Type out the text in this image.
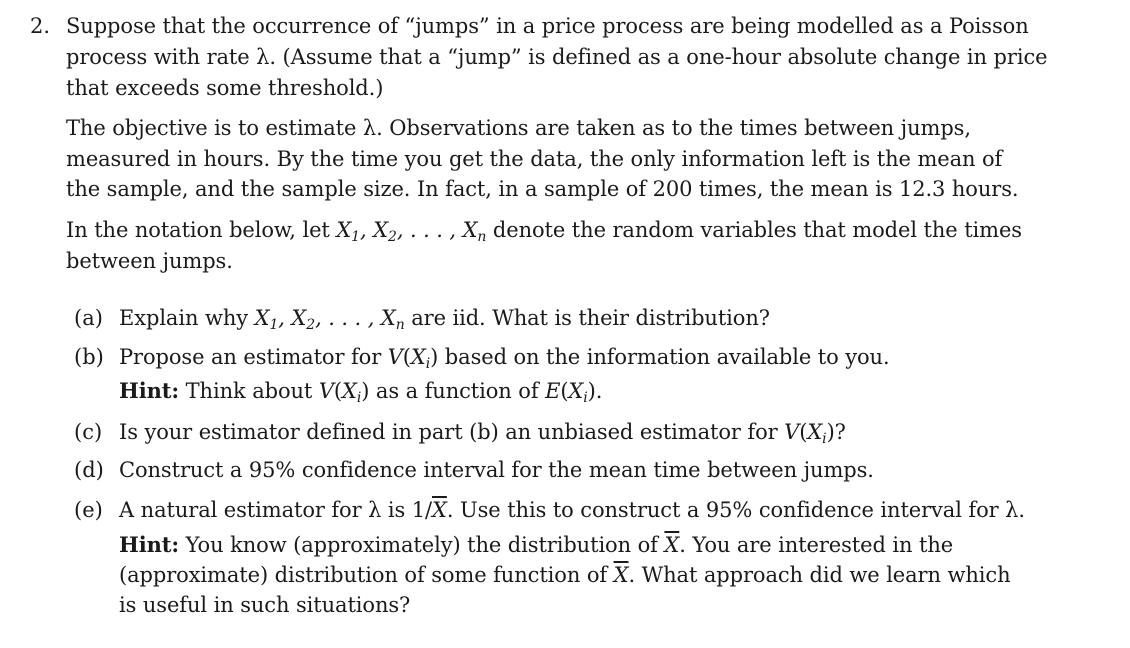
2. Suppose that the occurrence of “jumps” in a price process are being modelled as a Poisson
process with rate λ. (Assume that a “jump” is defined as a one-hour absolute change in price
that exceeds some threshold.)
The objective is to estimate λ. Observations are taken as to the times between jumps,
measured in hours. By the time you get the data, the only information left is the mean of
the sample, and the sample size. In fact, in a sample of 200 times, the mean is 12.3 hours.
In the notation below, let $X_1$, $X_2$, . . . , $X_n$ denote the random variables that model the times
between jumps.
(a) Explain why $X_1$, $X_2$, . . . , $X_n$ are iid. What is their distribution?
(b) Propose an estimator for $V(X_i)$ based on the information available to you.
Hint: Think about $V(X_i)$ as a function of $E(X_i)$.
(c) Is your estimator defined in part (b) an unbiased estimator for $V(X_i)$?
(d) Construct a 95% confidence interval for the mean time between jumps.
(e) A natural estimator for λ is $1/\overline{X}$. Use this to construct a 95% confidence interval for λ.
Hint: You know (approximately) the distribution of $\overline{X}$. You are interested in the
(approximate) distribution of some function of $\overline{X}$. What approach did we learn which
is useful in such situations?
